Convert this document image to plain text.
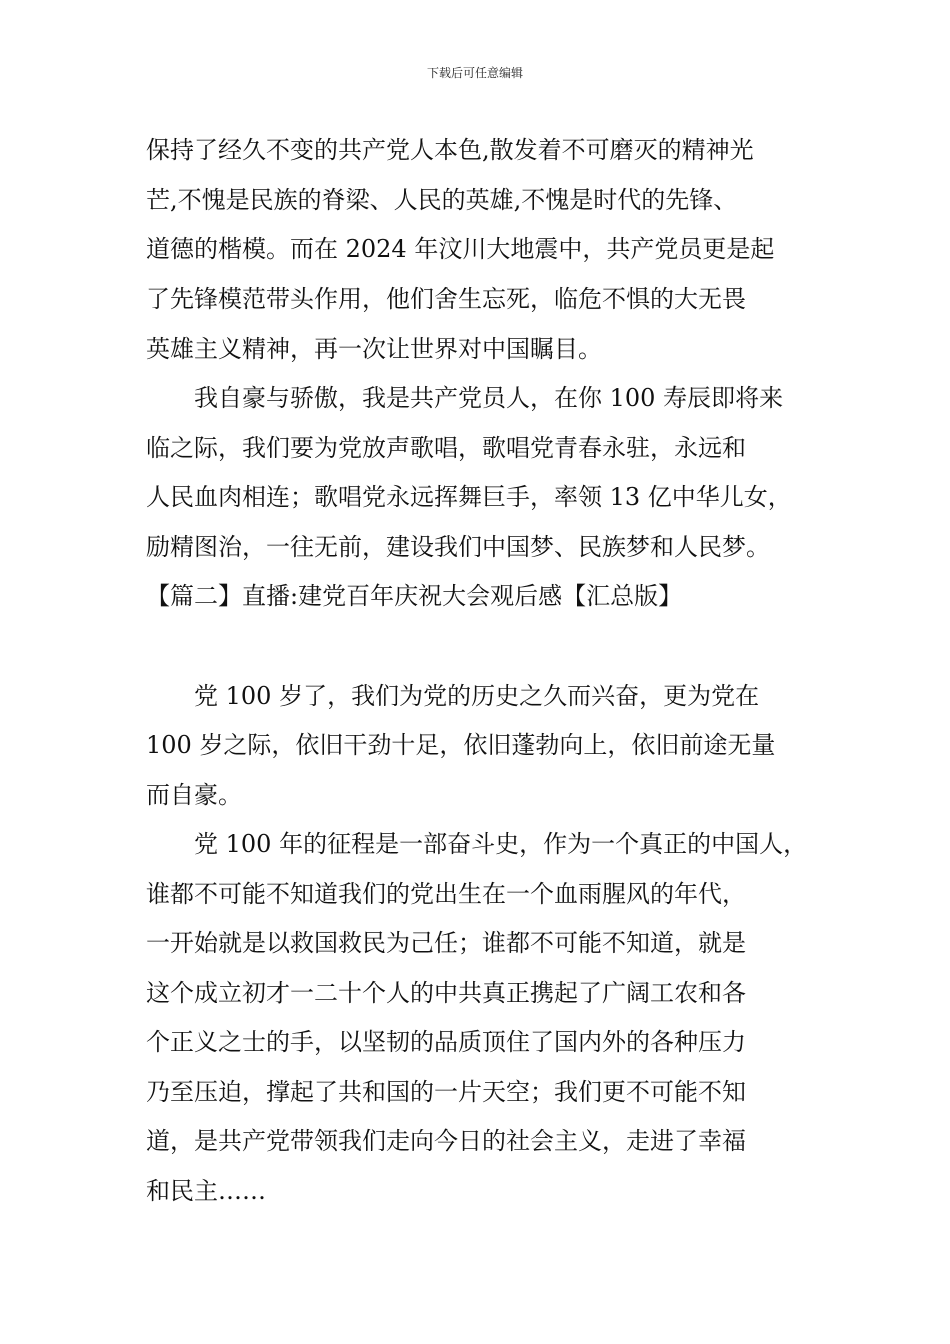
下载后可任意编辑
保持了经久不变的共产党人本色,散发着不可磨灭的精神光
芒,不愧是民族的脊梁、人民的英雄,不愧是时代的先锋、
道德的楷模。而在 2024 年汶川大地震中，共产党员更是起
了先锋模范带头作用，他们舍生忘死，临危不惧的大无畏
英雄主义精神，再一次让世界对中国瞩目。
我自豪与骄傲，我是共产党员人，在你 100 寿辰即将来
临之际，我们要为党放声歌唱，歌唱党青春永驻，永远和
人民血肉相连；歌唱党永远挥舞巨手，率领 13 亿中华儿女，
励精图治，一往无前，建设我们中国梦、民族梦和人民梦。
【篇二】直播:建党百年庆祝大会观后感【汇总版】
党 100 岁了，我们为党的历史之久而兴奋，更为党在
100 岁之际，依旧干劲十足，依旧蓬勃向上，依旧前途无量
而自豪。
党 100 年的征程是一部奋斗史，作为一个真正的中国人，
谁都不可能不知道我们的党出生在一个血雨腥风的年代，
一开始就是以救国救民为己任；谁都不可能不知道，就是
这个成立初才一二十个人的中共真正携起了广阔工农和各
个正义之士的手，以坚韧的品质顶住了国内外的各种压力
乃至压迫，撑起了共和国的一片天空；我们更不可能不知
道，是共产党带领我们走向今日的社会主义，走进了幸福
和民主……
